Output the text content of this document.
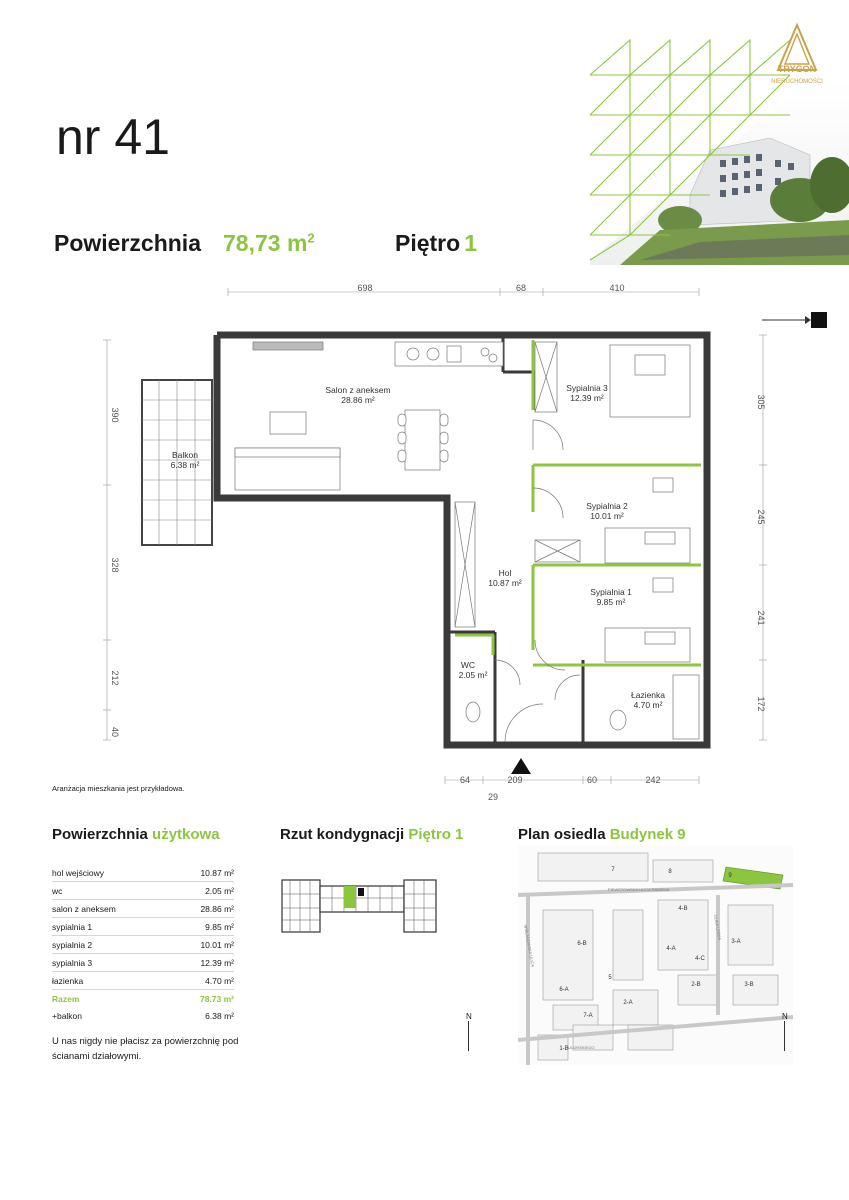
nr 41
Powierzchnia 78,73 $m^2$	Piętro 1
TRYGON
NIERUCHOMOŚCI
698	68	410
64	209	60	242
29
390
328
212
40
305
245
241
172
Salon z aneksem
28.86 m²
Balkon
6.38 m²
Sypialnia 3
12.39 m²
Sypialnia 2
10.01 m²
Hol
10.87 m²
Sypialnia 1
9.85 m²
WC
2.05 m²
Łazienka
4.70 m²
Aranżacja mieszkania jest przykładowa.
Powierzchnia użytkowa	Rzut kondygnacji Piętro 1	Plan osiedla Budynek 9
hol wejściowy	10.87 m²
wc	2.05 m²
salon z aneksem	28.86 m²
sypialnia 1	9.85 m²
sypialnia 2	10.01 m²
sypialnia 3	12.39 m²
łazienka	4.70 m²
Razem	78.73 m²
+balkon	6.38 m²
U nas nigdy nie płacisz za powierzchnię pod ścianami działowymi.
N
7	8
9
6-B
4-B
3-A
4-A
4-C
5
6-A
2-B	3-B
7-A
2-A
1-B
PIEWSTOWSKA ULICA RAMEMA
WIŚLANOWSKA ULICA	ULICA LEŚNA
ULGRSKIEGO
N
